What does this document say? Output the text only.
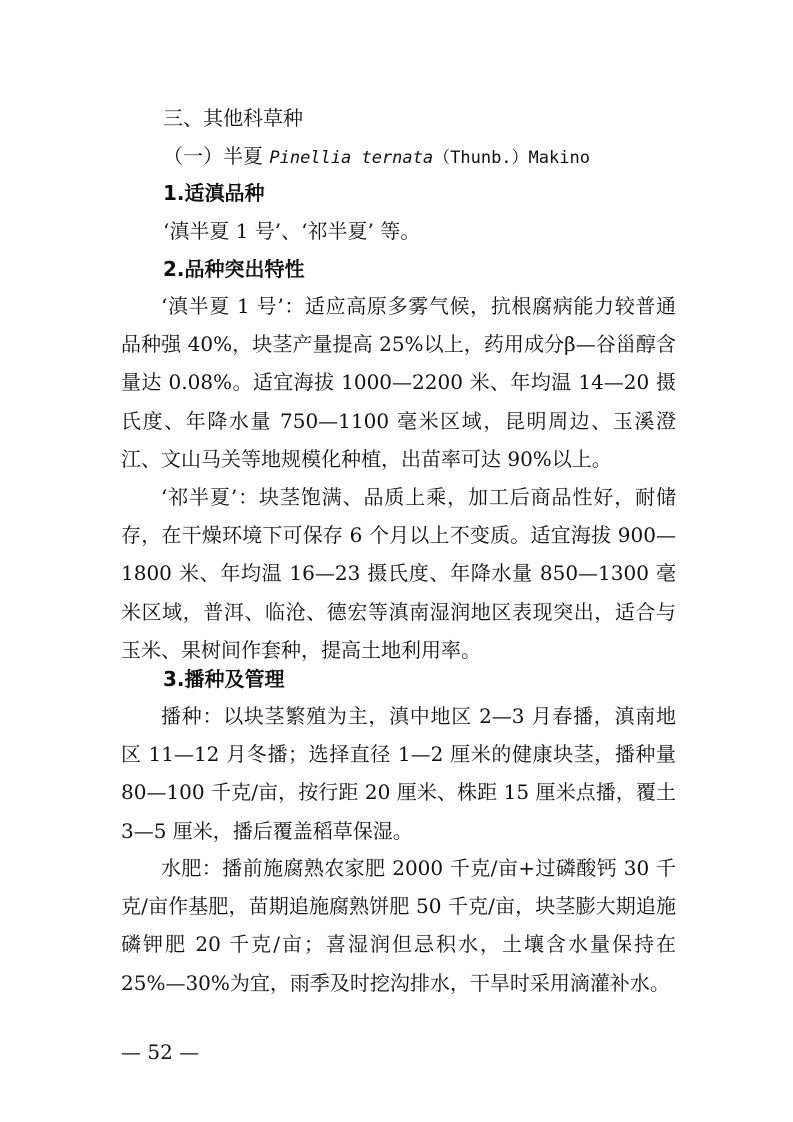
三、其他科草种
（一）半夏 Pinellia ternata（Thunb.）Makino
1.适滇品种
‘滇半夏 1 号’、‘祁半夏’ 等。
2.品种突出特性

‘滇半夏 1 号’：适应高原多雾气候，抗根腐病能力较普通品种强 40%，块茎产量提高 25%以上，药用成分β—谷甾醇含量达 0.08%。适宜海拔 1000—2200 米、年均温 14—20 摄氏度、年降水量 750—1100 毫米区域，昆明周边、玉溪澄江、文山马关等地规模化种植，出苗率可达 90%以上。

‘祁半夏’：块茎饱满、品质上乘，加工后商品性好，耐储存，在干燥环境下可保存 6 个月以上不变质。适宜海拔 900—1800 米、年均温 16—23 摄氏度、年降水量 850—1300 毫米区域，普洱、临沧、德宏等滇南湿润地区表现突出，适合与玉米、果树间作套种，提高土地利用率。

3.播种及管理

播种：以块茎繁殖为主，滇中地区 2—3 月春播，滇南地区 11—12 月冬播；选择直径 1—2 厘米的健康块茎，播种量 80—100 千克/亩，按行距 20 厘米、株距 15 厘米点播，覆土 3—5 厘米，播后覆盖稻草保湿。

水肥：播前施腐熟农家肥 2000 千克/亩+过磷酸钙 30 千克/亩作基肥，苗期追施腐熟饼肥 50 千克/亩，块茎膨大期追施磷钾肥 20 千克/亩；喜湿润但忌积水，土壤含水量保持在 25%—30%为宜，雨季及时挖沟排水，干旱时采用滴灌补水。

— 52 —
